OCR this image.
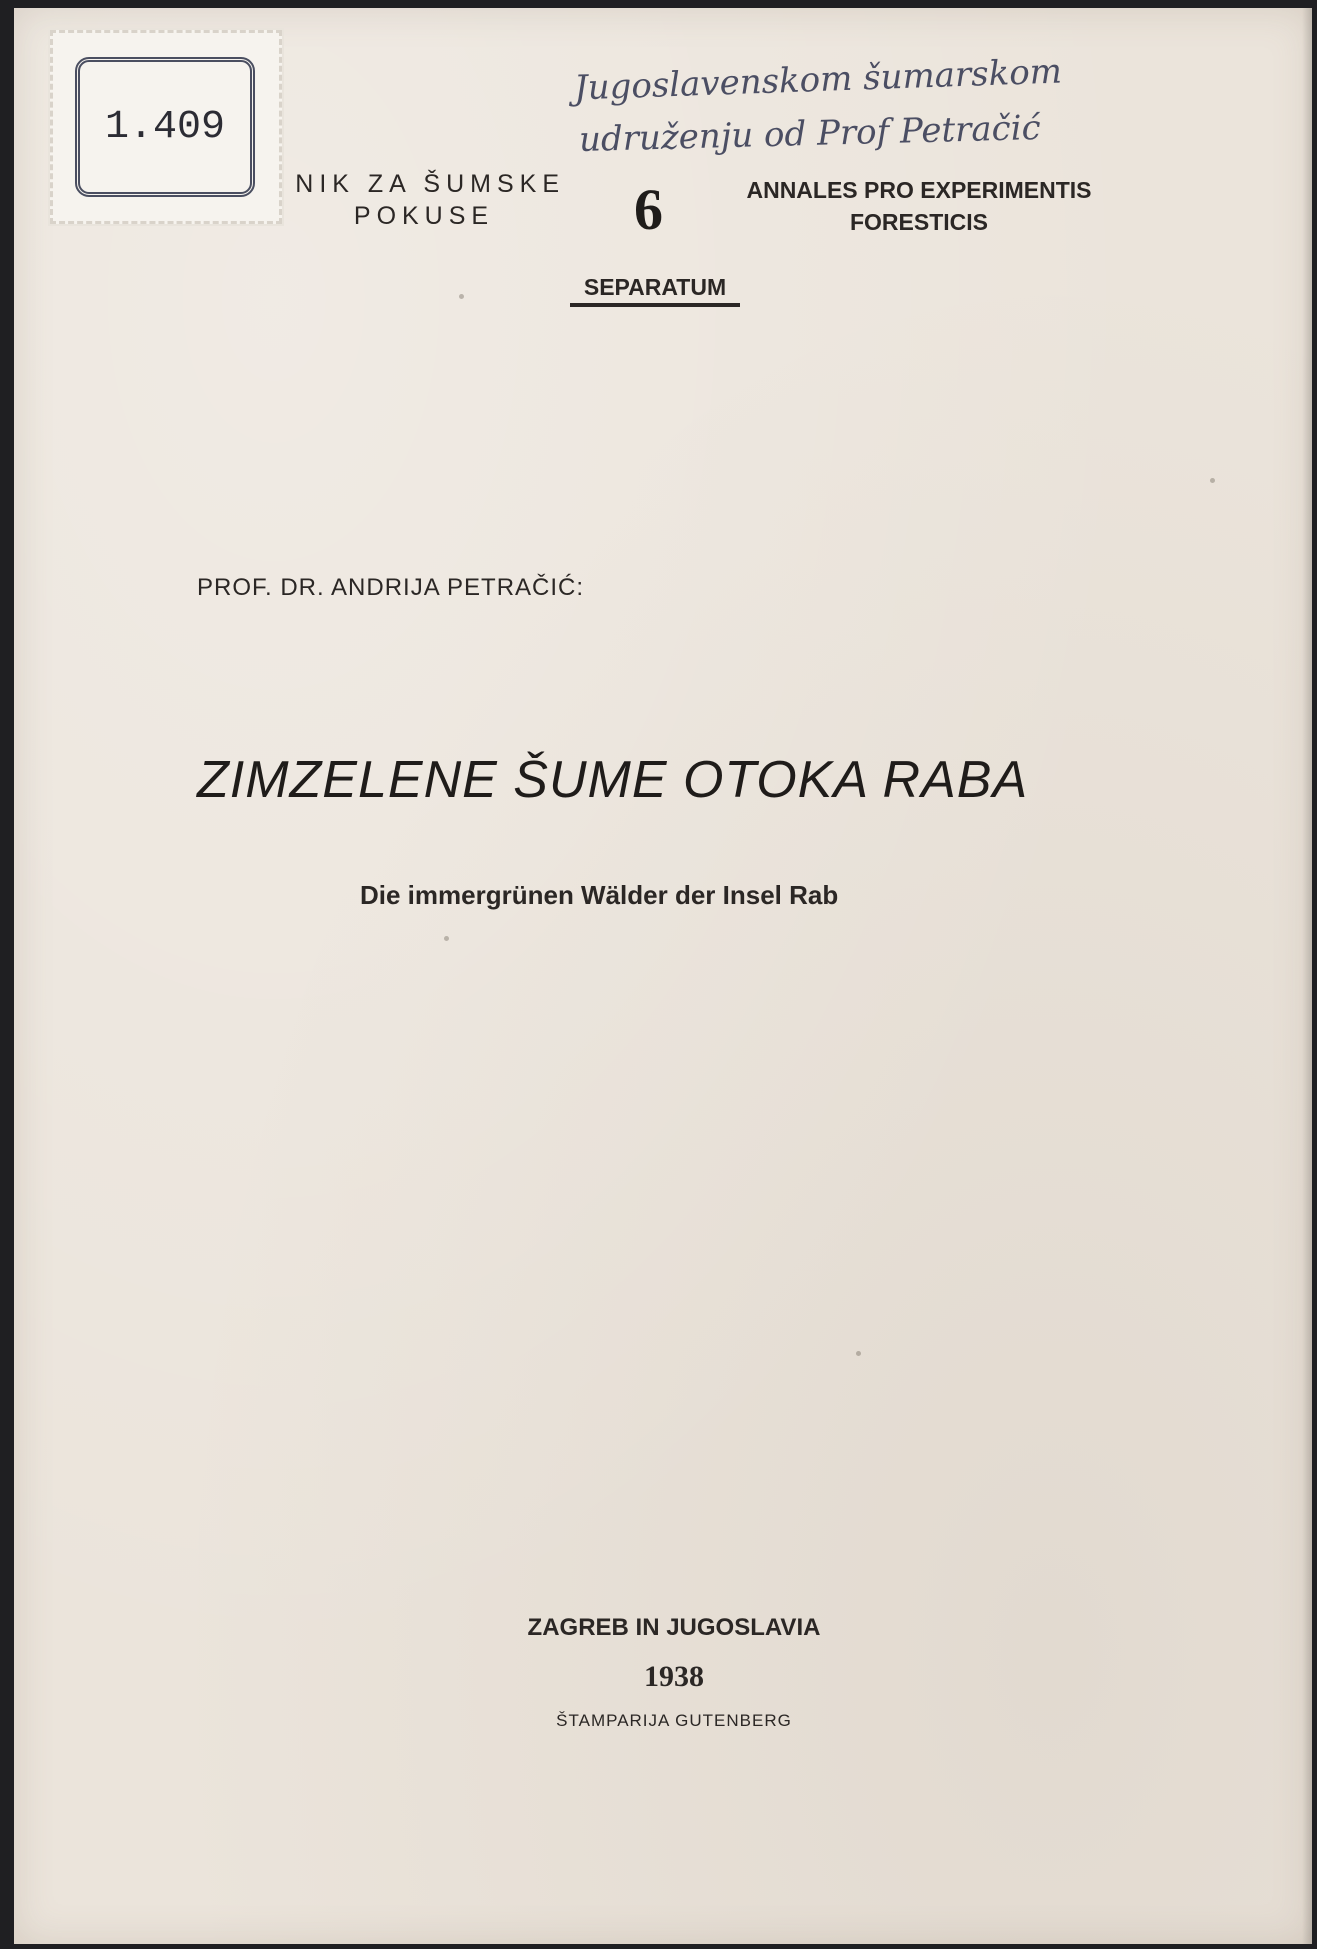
1.409
Jugoslavenskom šumarskom
udruženju od Prof Petračić
NIK ZA ŠUMSKE
POKUSE	6	ANNALES PRO EXPERIMENTIS
FORESTICIS
SEPARATUM
PROF. DR. ANDRIJA PETRAČIĆ:
ZIMZELENE ŠUME OTOKA RABA
Die immergrünen Wälder der Insel Rab
ZAGREB IN JUGOSLAVIA
1938
ŠTAMPARIJA GUTENBERG
